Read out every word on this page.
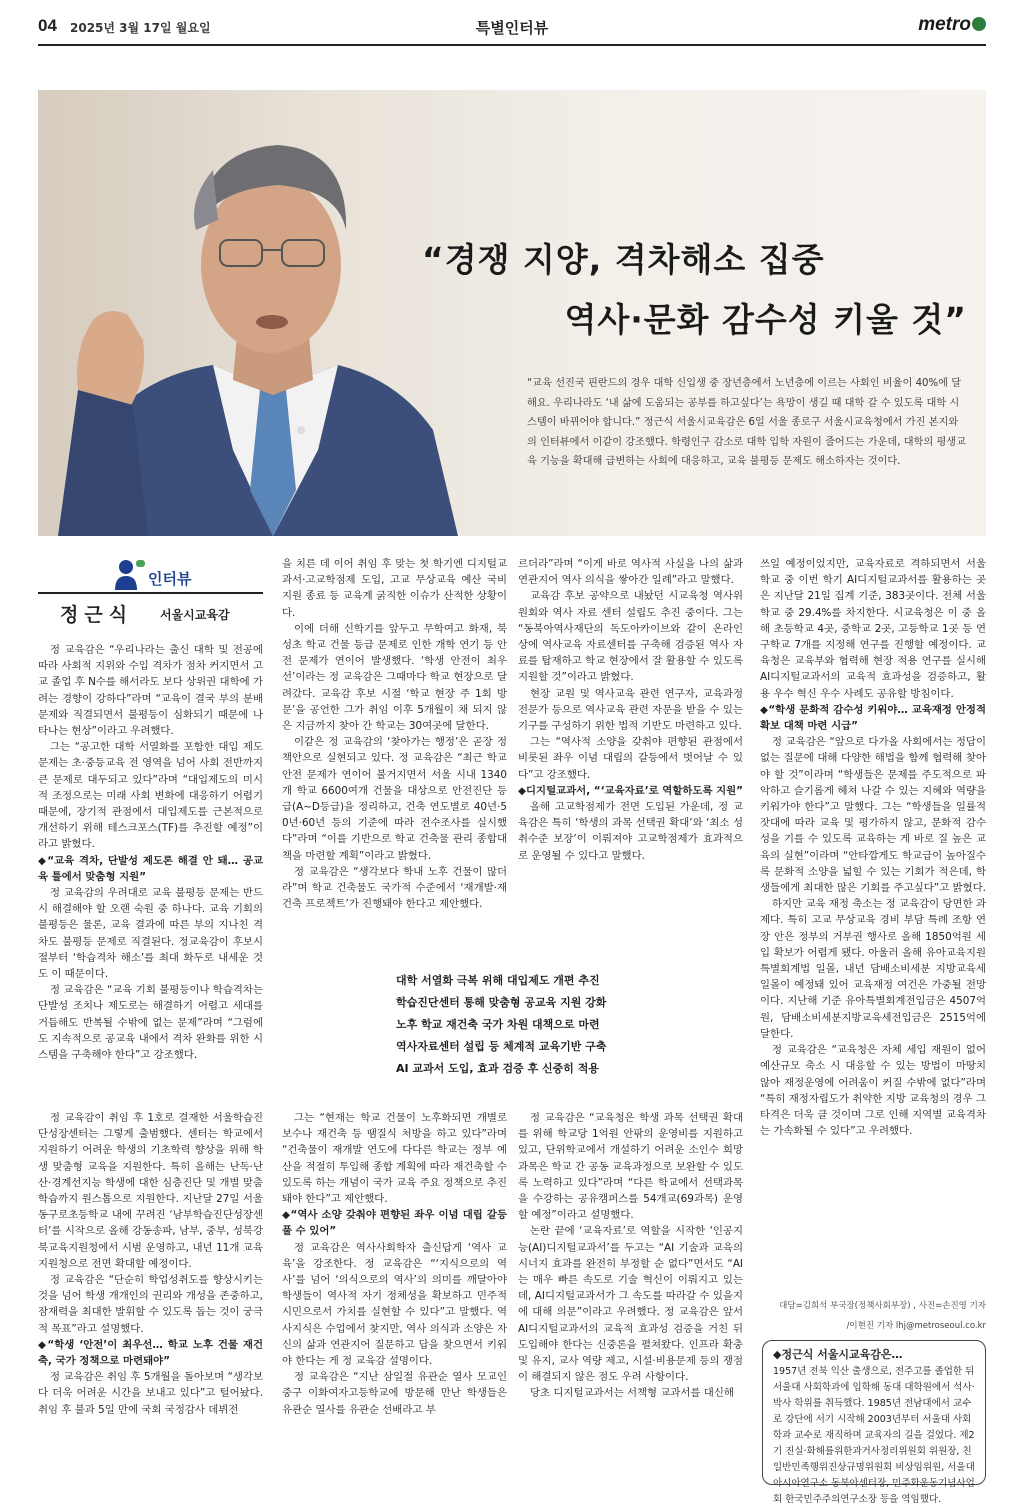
04 2025년 3월 17일 월요일	특별인터뷰	metro
“경쟁 지양, 격차해소 집중
역사·문화 감수성 키울 것”
“교육 선진국 핀란드의 경우 대학 신입생 중 장년층에서 노년층에 이르는 사회인 비율이 40%에 달해요. 우리나라도 ‘내 삶에 도움되는 공부를 하고싶다’는 욕망이 생길 때 대학 갈 수 있도록 대학 시스템이 바뀌어야 합니다.” 정근식 서울시교육감은 6일 서울 종로구 서울시교육청에서 가진 본지와의 인터뷰에서 이같이 강조했다. 학령인구 감소로 대학 입학 자원이 줄어드는 가운데, 대학의 평생교육 기능을 확대해 급변하는 사회에 대응하고, 교육 불평등 문제도 해소하자는 것이다.
인터뷰
정근식 서울시교육감

정 교육감은 “우리나라는 출신 대학 및 전공에 따라 사회적 지위와 수입 격차가 점차 커지면서 고교 졸업 후 N수를 해서라도 보다 상위권 대학에 가려는 경향이 강하다”라며 “교육이 결국 부의 분배 문제와 직결되면서 불평등이 심화되기 때문에 나타나는 현상”이라고 우려했다.

그는 “공고한 대학 서열화를 포함한 대입 제도 문제는 초·중등교육 전 영역을 넘어 사회 전반까지 큰 문제로 대두되고 있다”라며 “대입제도의 미시적 조정으로는 미래 사회 변화에 대응하기 어렵기 때문에, 장기적 관점에서 대입제도를 근본적으로 개선하기 위해 테스크포스(TF)를 추진할 예정”이라고 밝혔다.

◆“교육 격차, 단발성 제도론 해결 안 돼… 공교육 틀에서 맞춤형 지원”

정 교육감의 우려대로 교육 불평등 문제는 반드시 해결해야 할 오랜 숙원 중 하나다. 교육 기회의 불평등은 물론, 교육 결과에 따른 부의 지나친 격차도 불평등 문제로 직결된다. 정교육감이 후보시절부터 ‘학습격차 해소’를 최대 화두로 내세운 것도 이 때문이다.

정 교육감은 “교육 기회 불평등이나 학습격차는 단발성 조치나 제도로는 해결하기 어렵고 세대를 거듭해도 반복될 수밖에 없는 문제”라며 “그럼에도 지속적으로 공교육 내에서 격차 완화를 위한 시스템을 구축해야 한다”고 강조했다.

정 교육감이 취임 후 1호로 결재한 서울학습진단성장센터는 그렇게 출범했다. 센터는 학교에서 지원하기 어려운 학생의 기초학력 향상을 위해 학생 맞춤형 교육을 지원한다. 특히 올해는 난독·난산·경계선지능 학생에 대한 심층진단 및 개별 맞춤 학습까지 원스톱으로 지원한다. 지난달 27일 서울동구로초등학교 내에 꾸려진 ‘남부학습진단성장센터’를 시작으로 올해 강동송파, 남부, 중부, 성북강북교육지원청에서 시범 운영하고, 내년 11개 교육지원청으로 전면 확대할 예정이다.

정 교육감은 “단순히 학업성취도를 향상시키는 것을 넘어 학생 개개인의 권리와 개성을 존중하고, 잠재력을 최대한 발휘할 수 있도록 돕는 것이 궁극적 목표”라고 설명했다.

◆“학생 ‘안전’이 최우선… 학교 노후 건물 재건축, 국가 정책으로 마련돼야”

정 교육감은 취임 후 5개월을 돌아보며 “생각보다 더욱 어려운 시간을 보내고 있다”고 털어놨다. 취임 후 불과 5일 만에 국회 국정감사 데뷔전

을 치른 데 이어 취임 후 맞는 첫 학기엔 디지털교과서·고교학점제 도입, 고교 무상교육 예산 국비 지원 종료 등 교육계 굵직한 이슈가 산적한 상황이다.

이에 더해 신학기를 앞두고 무학여고 화재, 북성초 학교 건물 등급 문제로 인한 개학 연기 등 안전 문제가 연이어 발생했다. ‘학생 안전이 최우선’이라는 정 교육감은 그때마다 학교 현장으로 달려갔다. 교육감 후보 시절 ‘학교 현장 주 1회 방문’을 공언한 그가 취임 이후 5개월이 채 되지 않은 지금까지 찾아 간 학교는 30여곳에 달한다.

이같은 정 교육감의 ‘찾아가는 행정’은 곧장 정책안으로 실현되고 있다. 정 교육감은 “최근 학교 안전 문제가 연이어 불거지면서 서울 시내 1340개 학교 6600여개 건물을 대상으로 안전진단 등급(A~D등급)을 정리하고, 건축 연도별로 40년·50년·60년 등의 기준에 따라 전수조사를 실시했다”라며 “이를 기반으로 학교 건축물 관리 종합대책을 마련할 계획”이라고 밝혔다.

정 교육감은 “생각보다 학내 노후 건물이 많더라”며 학교 건축물도 국가적 수준에서 ‘재개발·재건축 프로젝트’가 진행돼야 한다고 제안했다.

그는 “현재는 학교 건물이 노후화되면 개별로 보수나 재건축 등 땜질식 처방을 하고 있다”라며 “건축물이 재개발 연도에 다다른 학교는 정부 예산을 적절히 투입해 종합 계획에 따라 재건축할 수 있도록 하는 개념이 국가 교육 주요 정책으로 추진돼야 한다”고 제안했다.

◆“역사 소양 갖춰야 편향된 좌우 이념 대립 갈등 풀 수 있어”

정 교육감은 역사사회학자 출신답게 ‘역사 교육’을 강조한다. 정 교육감은 “‘지식으로의 역사’를 넘어 ‘의식으로의 역사’의 의미를 깨달아야 학생들이 역사적 자기 정체성을 확보하고 민주적 시민으로서 가치를 실현할 수 있다”고 말했다. 역사지식은 수업에서 찾지만, 역사 의식과 소양은 자신의 삶과 연관지어 질문하고 답을 찾으면서 키워야 한다는 게 정 교육감 설명이다.

정 교육감은 “지난 삼일절 유관순 열사 모교인 중구 이화여자고등학교에 방문해 만난 학생들은 유관순 열사를 유관순 선배라고 부

르더라”라며 “이게 바로 역사적 사실을 나의 삶과 연관지어 역사 의식을 쌓아간 일례”라고 말했다.

교육감 후보 공약으로 내놨던 시교육청 역사위원회와 역사 자료 센터 설립도 추진 중이다. 그는 “동북아역사재단의 독도아카이브와 같이 온라인 상에 역사교육 자료센터를 구축해 검증된 역사 자료를 탑재하고 학교 현장에서 잘 활용할 수 있도록 지원할 것”이라고 밝혔다.

현장 교원 및 역사교육 관련 연구자, 교육과정 전문가 등으로 역사교육 관련 자문을 받을 수 있는 기구를 구성하기 위한 법적 기반도 마련하고 있다.

그는 “역사적 소양을 갖춰야 편향된 관점에서 비롯된 좌우 이념 대립의 갈등에서 벗어날 수 있다”고 강조했다.

◆디지털교과서, “‘교육자료’로 역할하도록 지원”

올해 고교학점제가 전면 도입된 가운데, 정 교육감은 특히 ‘학생의 과목 선택권 확대’와 ‘최소 성취수준 보장’이 이뤄져야 고교학점제가 효과적으로 운영될 수 있다고 말했다.

정 교육감은 “교육청은 학생 과목 선택권 확대를 위해 학교당 1억원 안팎의 운영비를 지원하고 있고, 단위학교에서 개설하기 어려운 소인수 희망 과목은 학교 간 공동 교육과정으로 보완할 수 있도록 노력하고 있다”라며 “다른 학교에서 선택과목을 수강하는 공유캠퍼스를 54개교(69과목) 운영할 예정”이라고 설명했다.

논란 끝에 ‘교육자료’로 역할을 시작한 ‘인공지능(AI)디지털교과서’를 두고는 “AI 기술과 교육의 시너지 효과를 완전히 부정할 순 없다”면서도 “AI는 매우 빠른 속도로 기술 혁신이 이뤄지고 있는데, AI디지털교과서가 그 속도를 따라갈 수 있을지에 대해 의문”이라고 우려했다. 정 교육감은 앞서 AI디지털교과서의 교육적 효과성 검증을 거친 뒤 도입해야 한다는 신중론을 펼쳐왔다. 인프라 확충 및 유지, 교사 역량 제고, 시설·비용문제 등의 쟁점이 해결되지 않은 점도 우려 사항이다.

당초 디지털교과서는 서책형 교과서를 대신해

쓰일 예정이었지만, 교육자료로 격하되면서 서울 학교 중 이번 학기 AI디지털교과서를 활용하는 곳은 지난달 21일 집계 기준, 383곳이다. 전체 서울 학교 중 29.4%를 차지한다. 시교육청은 이 중 올해 초등학교 4곳, 중학교 2곳, 고등학교 1곳 등 연구학교 7개를 지정해 연구를 진행할 예정이다. 교육청은 교육부와 협력해 현장 적용 연구를 실시해 AI디지털교과서의 교육적 효과성을 검증하고, 활용 우수 혁신 우수 사례도 공유할 방침이다.

◆“학생 문화적 감수성 키워야… 교육재정 안정적 확보 대책 마련 시급”

정 교육감은 “앞으로 다가올 사회에서는 정답이 없는 질문에 대해 다양한 해법을 함께 협력해 찾아야 할 것”이라며 “학생들은 문제를 주도적으로 파악하고 슬기롭게 헤쳐 나갈 수 있는 지혜와 역량을 키워가야 한다”고 말했다. 그는 “학생들을 일률적 잣대에 따라 교육 및 평가하지 않고, 문화적 감수성을 기를 수 있도록 교육하는 게 바로 질 높은 교육의 실현”이라며 “안타깝게도 학교급이 높아질수록 문화적 소양을 넓힐 수 있는 기회가 적은데, 학생들에게 최대한 많은 기회를 주고싶다”고 밝혔다.

하지만 교육 재정 축소는 정 교육감이 당면한 과제다. 특히 고교 무상교육 경비 부담 특례 조항 연장 안은 정부의 거부권 행사로 올해 1850억원 세입 확보가 어렵게 됐다. 아울러 올해 유아교육지원특별회계법 일몰, 내년 담배소비세분 지방교육세 일몰이 예정돼 있어 교육재정 여건은 가중될 전망이다. 지난해 기준 유아특별회계전입금은 4507억원, 담배소비세분지방교육세전입금은 2515억에 달한다.

정 교육감은 “교육청은 자체 세입 재원이 없어 예산규모 축소 시 대응할 수 있는 방법이 마땅치 않아 재정운영에 어려움이 커질 수밖에 없다”라며 “특히 재정자립도가 취약한 지방 교육청의 경우 그 타격은 더욱 클 것이며 그로 인해 지역별 교육격차는 가속화될 수 있다”고 우려했다.

대학 서열화 극복 위해 대입제도 개편 추진
학습진단센터 통해 맞춤형 공교육 지원 강화
노후 학교 재건축 국가 차원 대책으로 마련
역사자료센터 설립 등 체계적 교육기반 구축
AI 교과서 도입, 효과 검증 후 신중히 적용
대담=김희석 부국장(정책사회부장) , 사진=손진영 기자
/이현진 기자 lhj@metroseoul.co.kr
◆정근식 서울시교육감은…
1957년 전북 익산 출생으로, 전주고를 졸업한 뒤 서울대 사회학과에 입학해 동대 대학원에서 석사·박사 학위를 취득했다. 1985년 전남대에서 교수로 강단에 서기 시작해 2003년부터 서울대 사회학과 교수로 재직하며 교육자의 길을 걸었다. 제2기 진실·화해를위한과거사정리위원회 위원장, 친일반민족행위진상규명위원회 비상임위원, 서울대 아시아연구소 동북아센터장, 민주화운동기념사업회 한국민주주의연구소장 등을 역임했다.
